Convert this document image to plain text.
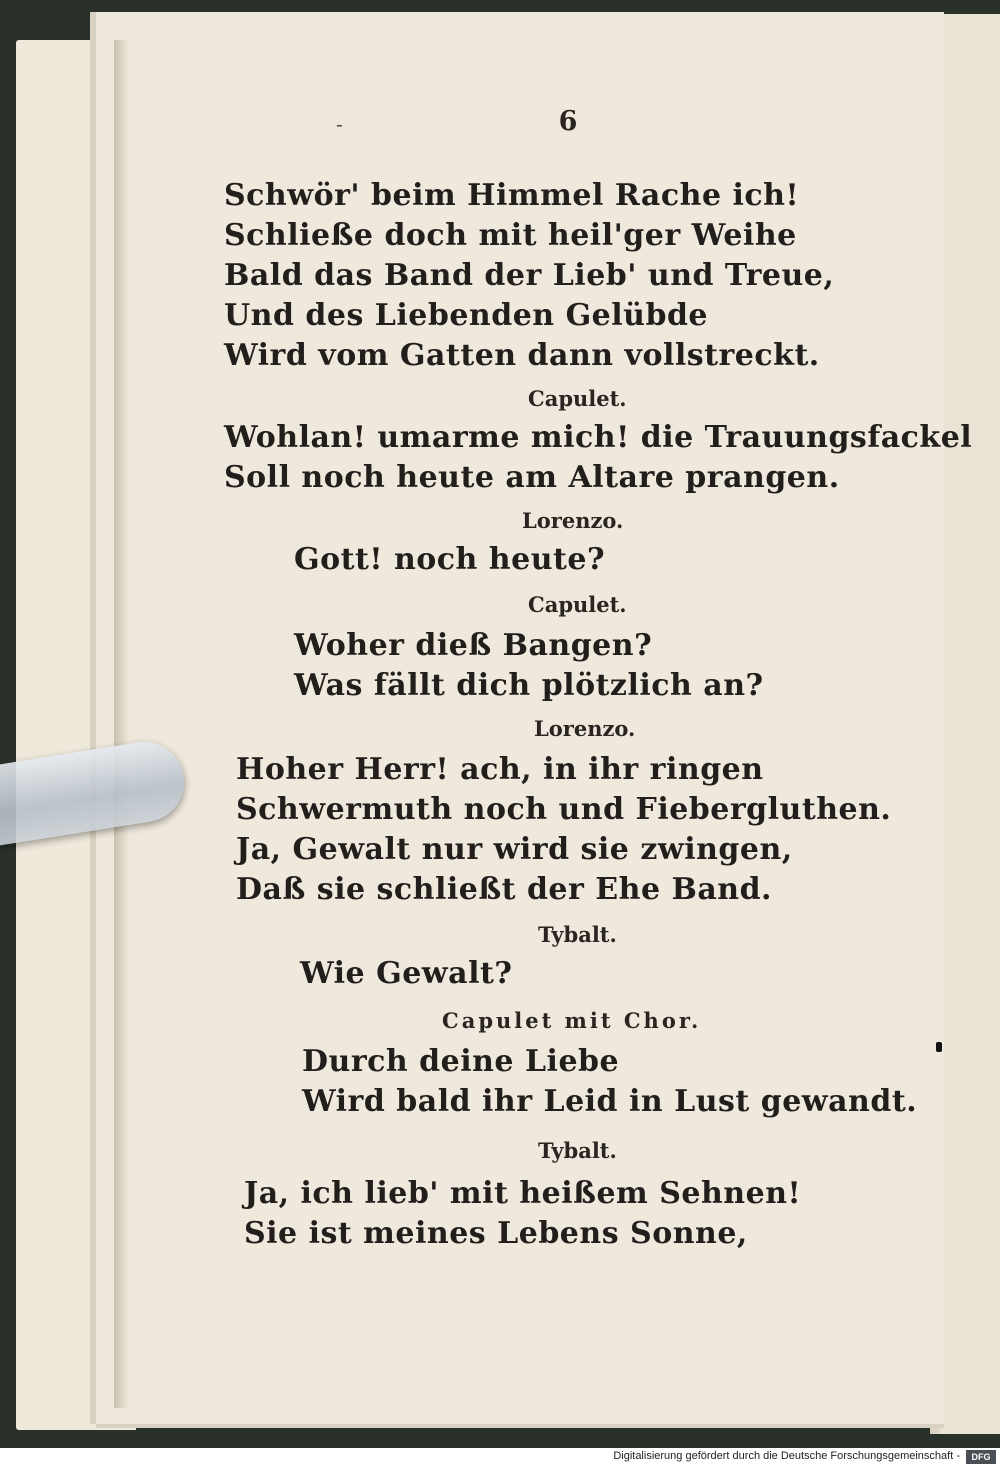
-	6
Schwör' beim Himmel Rache ich!
Schließe doch mit heil'ger Weihe
Bald das Band der Lieb' und Treue,
Und des Liebenden Gelübde
Wird vom Gatten dann vollstreckt.
Capulet.
Wohlan! umarme mich! die Trauungsfackel
Soll noch heute am Altare prangen.
Lorenzo.
Gott! noch heute?
Capulet.
Woher dieß Bangen?
Was fällt dich plötzlich an?
Lorenzo.
Hoher Herr! ach, in ihr ringen
Schwermuth noch und Fiebergluthen.
Ja, Gewalt nur wird sie zwingen,
Daß sie schließt der Ehe Band.
Tybalt.
Wie Gewalt?
Capulet mit Chor.
Durch deine Liebe
Wird bald ihr Leid in Lust gewandt.
Tybalt.
Ja, ich lieb' mit heißem Sehnen!
Sie ist meines Lebens Sonne,
Digitalisierung gefördert durch die Deutsche Forschungsgemeinschaft -	DFG
